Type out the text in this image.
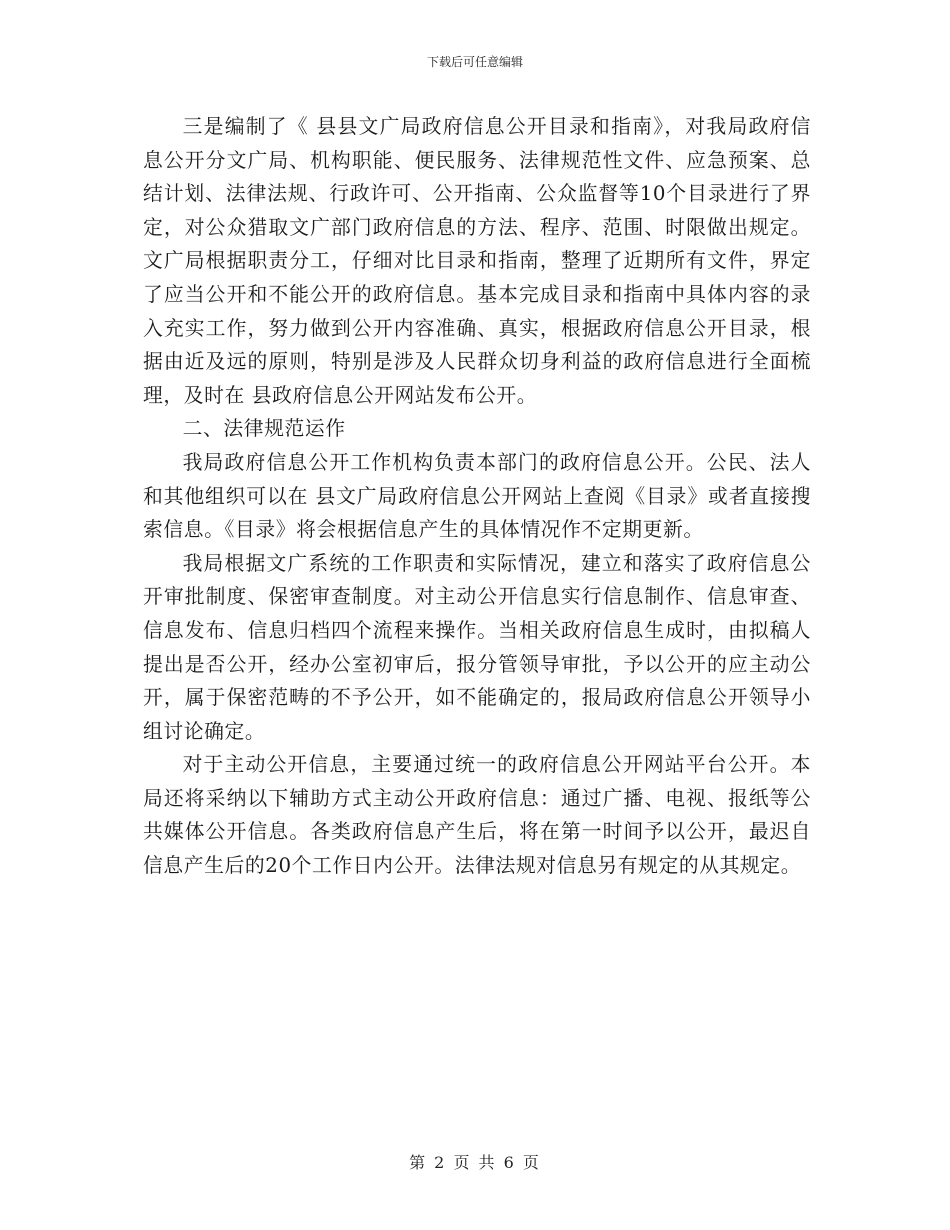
下载后可任意编辑

三是编制了《 县县文广局政府信息公开目录和指南》，对我局政府信息公开分文广局、机构职能、便民服务、法律规范性文件、应急预案、总结计划、法律法规、行政许可、公开指南、公众监督等10个目录进行了界定，对公众猎取文广部门政府信息的方法、程序、范围、时限做出规定。文广局根据职责分工，仔细对比目录和指南，整理了近期所有文件，界定了应当公开和不能公开的政府信息。基本完成目录和指南中具体内容的录入充实工作，努力做到公开内容准确、真实，根据政府信息公开目录，根据由近及远的原则，特别是涉及人民群众切身利益的政府信息进行全面梳理，及时在 县政府信息公开网站发布公开。

二、法律规范运作

我局政府信息公开工作机构负责本部门的政府信息公开。公民、法人和其他组织可以在 县文广局政府信息公开网站上查阅《目录》或者直接搜索信息。《目录》将会根据信息产生的具体情况作不定期更新。

我局根据文广系统的工作职责和实际情况，建立和落实了政府信息公开审批制度、保密审查制度。对主动公开信息实行信息制作、信息审查、信息发布、信息归档四个流程来操作。当相关政府信息生成时，由拟稿人提出是否公开，经办公室初审后，报分管领导审批，予以公开的应主动公开，属于保密范畴的不予公开，如不能确定的，报局政府信息公开领导小组讨论确定。

对于主动公开信息，主要通过统一的政府信息公开网站平台公开。本局还将采纳以下辅助方式主动公开政府信息：通过广播、电视、报纸等公共媒体公开信息。各类政府信息产生后，将在第一时间予以公开，最迟自信息产生后的20个工作日内公开。法律法规对信息另有规定的从其规定。

第 2 页 共 6 页
